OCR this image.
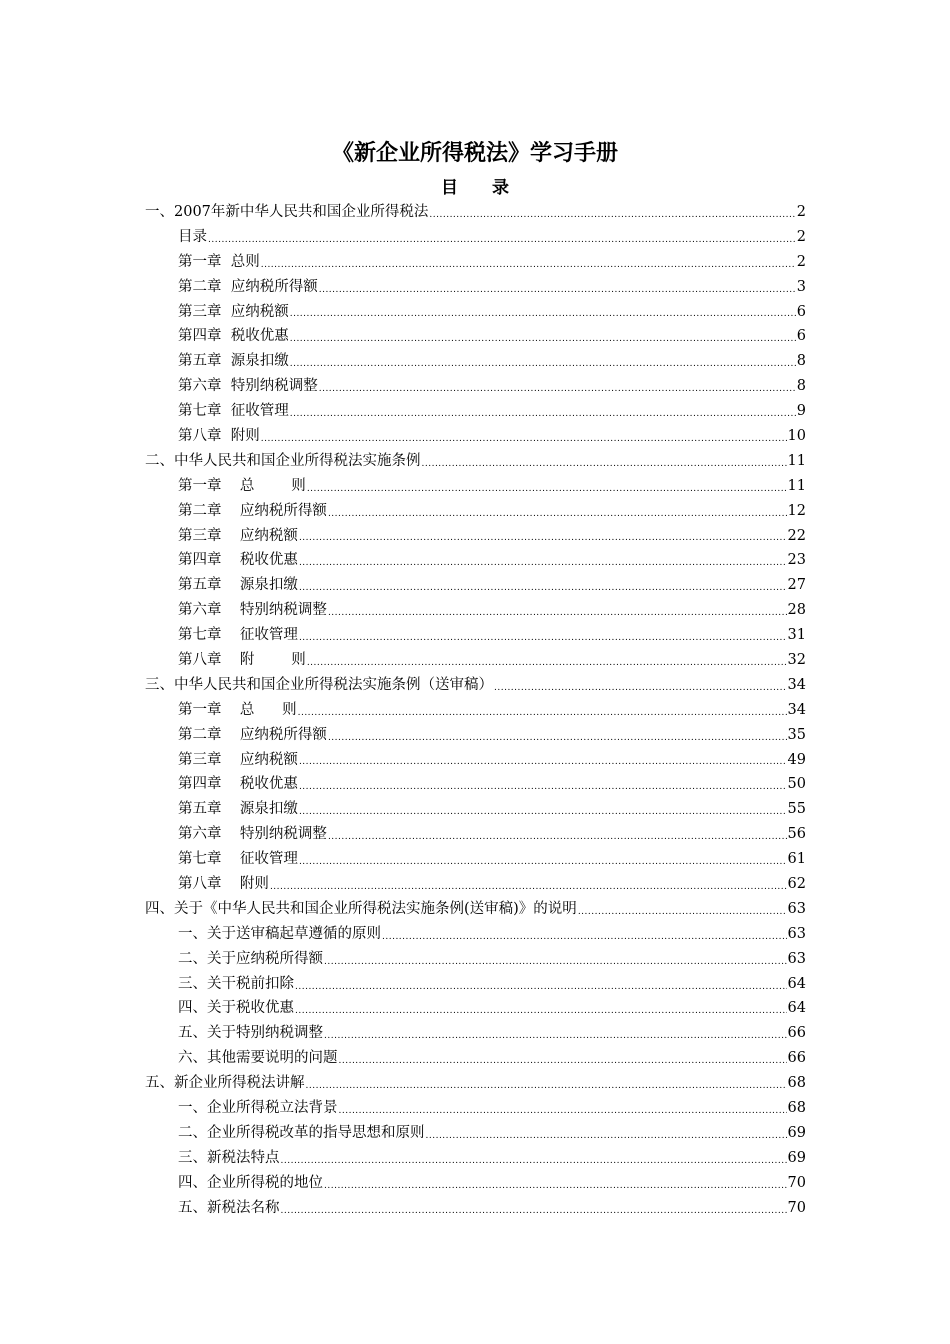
《新企业所得税法》学习手册
目录
一、2007年新中华人民共和国企业所得税法 .....	2
目录 .....	2
第一章  总则 .....	2
第二章  应纳税所得额 .....	3
第三章  应纳税额 .....	6
第四章  税收优惠 .....	6
第五章  源泉扣缴 .....	8
第六章  特别纳税调整 .....	8
第七章  征收管理 .....	9
第八章  附则 .....	10
二、中华人民共和国企业所得税法实施条例 .....	11
第一章    总        则 .....	11
第二章    应纳税所得额 .....	12
第三章    应纳税额 .....	22
第四章    税收优惠 .....	23
第五章    源泉扣缴 .....	27
第六章    特别纳税调整 .....	28
第七章    征收管理 .....	31
第八章    附        则 .....	32
三、中华人民共和国企业所得税法实施条例（送审稿） .....	34
第一章    总      则 .....	34
第二章    应纳税所得额 .....	35
第三章    应纳税额 .....	49
第四章    税收优惠 .....	50
第五章    源泉扣缴 .....	55
第六章    特别纳税调整 .....	56
第七章    征收管理 .....	61
第八章    附则 .....	62
四、关于《中华人民共和国企业所得税法实施条例(送审稿)》的说明 .....	63
一、关于送审稿起草遵循的原则 .....	63
二、关于应纳税所得额 .....	63
三、关干税前扣除 .....	64
四、关于税收优惠 .....	64
五、关于特别纳税调整 .....	66
六、其他需要说明的问题 .....	66
五、新企业所得税法讲解 .....	68
一、企业所得税立法背景 .....	68
二、企业所得税改革的指导思想和原则 .....	69
三、新税法特点 .....	69
四、企业所得税的地位 .....	70
五、新税法名称 .....	70
